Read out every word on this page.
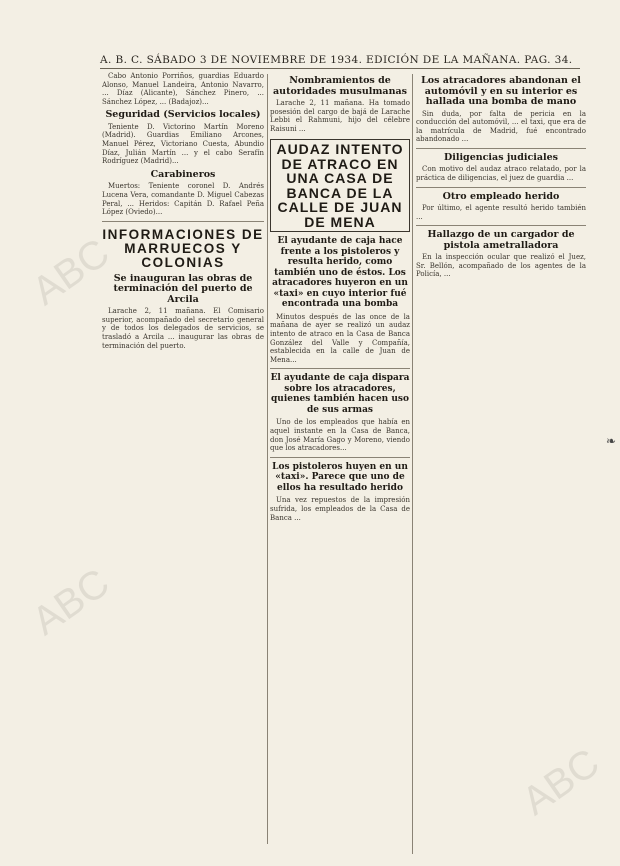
A. B. C. SÁBADO 3 DE NOVIEMBRE DE 1934. EDICIÓN DE LA MAÑANA. PAG. 34.
ABC
ABC
ABC

Cabo Antonio Porriños, guardias Eduardo Alonso, Manuel Landeira, Antonio Navarro, ... Díaz (Alicante), Sánchez Pinero, ... Sánchez López, ... (Badajoz)...

Seguridad (Servicios locales)

Teniente D. Victorino Martín Moreno (Madrid). Guardias Emiliano Arcones, Manuel Pérez, Victoriano Cuesta, Abundio Díaz, Julián Martín ... y el cabo Serafín Rodríguez (Madrid)...

Carabineros

Muertos: Teniente coronel D. Andrés Lucena Vera, comandante D. Miguel Cabezas Peral, ... Heridos: Capitán D. Rafael Peña López (Oviedo)...

INFORMACIONES DE MARRUECOS Y COLONIAS
Se inauguran las obras de terminación del puerto de Arcila

Larache 2, 11 mañana. El Comisario superior, acompañado del secretario general y de todos los delegados de servicios, se trasladó a Arcila ... inaugurar las obras de terminación del puerto.

Nombramientos de autoridades musulmanas

Larache 2, 11 mañana. Ha tomado posesión del cargo de bajá de Larache Lebbi el Rahmuni, hijo del célebre Raisuni ...

AUDAZ INTENTO DE ATRACO EN UNA CASA DE BANCA DE LA CALLE DE JUAN DE MENA
El ayudante de caja hace frente a los pistoleros y resulta herido, como también uno de éstos. Los atracadores huyeron en un «taxi» en cuyo interior fué encontrada una bomba

Minutos después de las once de la mañana de ayer se realizó un audaz intento de atraco en la Casa de Banca González del Valle y Compañía, establecida en la calle de Juan de Mena...

El ayudante de caja dispara sobre los atracadores, quienes también hacen uso de sus armas

Uno de los empleados que había en aquel instante en la Casa de Banca, don José María Gago y Moreno, viendo que los atracadores...

Los pistoleros huyen en un «taxi». Parece que uno de ellos ha resultado herido

Una vez repuestos de la impresión sufrida, los empleados de la Casa de Banca ...

Los atracadores abandonan el automóvil y en su interior es hallada una bomba de mano

Sin duda, por falta de pericia en la conducción del automóvil, ... el taxi, que era de la matrícula de Madrid, fué encontrado abandonado ...

Diligencias judiciales

Con motivo del audaz atraco relatado, por la práctica de diligencias, el juez de guardia ...

Otro empleado herido

Por último, el agente resultó herido también ...

Hallazgo de un cargador de pistola ametralladora

En la inspección ocular que realizó el Juez, Sr. Bellón, acompañado de los agentes de la Policía, ...

❧
